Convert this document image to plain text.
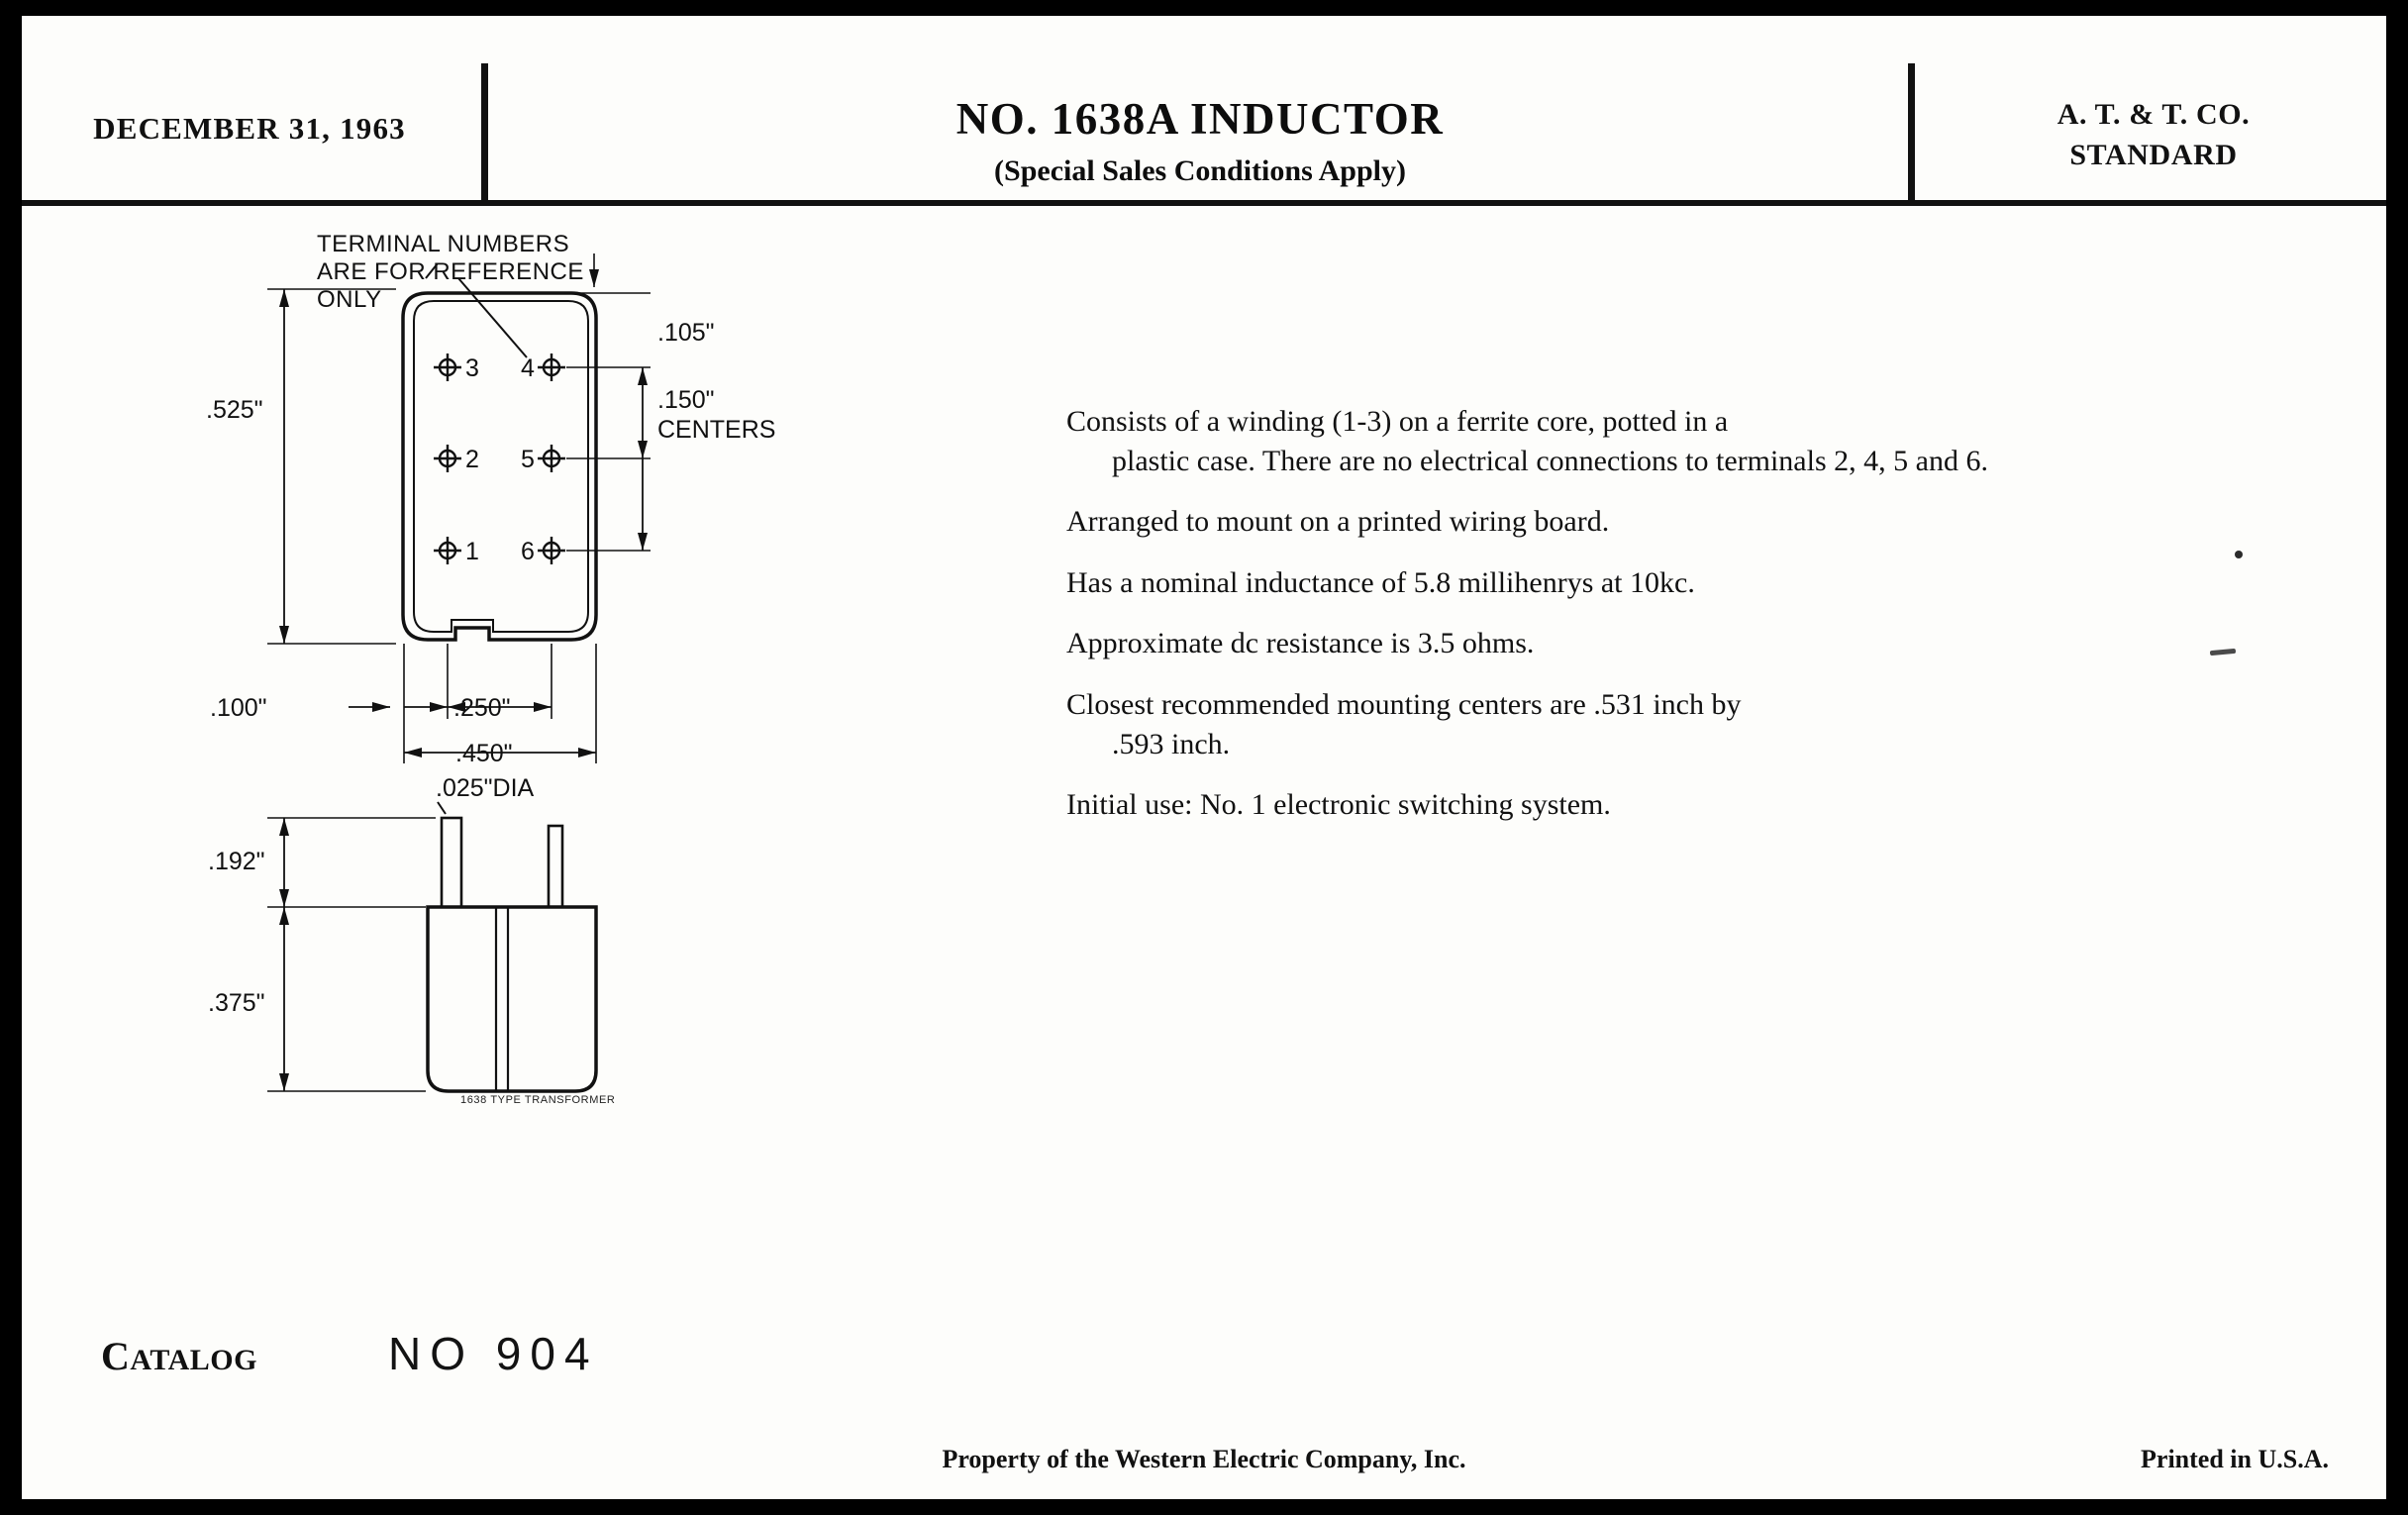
DECEMBER 31, 1963	NO. 1638A INDUCTOR
(Special Sales Conditions Apply)
A. T. & T. CO.
STANDARD
TERMINAL NUMBERS
ARE FOR REFERENCE
ONLY
3
2
1
4
5
6
.525"
.105"
.150"
CENTERS
.100"	.250"
.450"
.025"DIA
.192"
.375"
1638 TYPE TRANSFORMER

Consists of a winding (1-3) on a ferrite core, potted in a
plastic case. There are no electrical connections to terminals 2, 4, 5 and 6.

Arranged to mount on a printed wiring board.

Has a nominal inductance of 5.8 millihenrys at 10kc.

Approximate dc resistance is 3.5 ohms.

Closest recommended mounting centers are .531 inch by
.593 inch.

Initial use: No. 1 electronic switching system.

CATALOG	NO 904
Property of the Western Electric Company, Inc.	Printed in U.S.A.
